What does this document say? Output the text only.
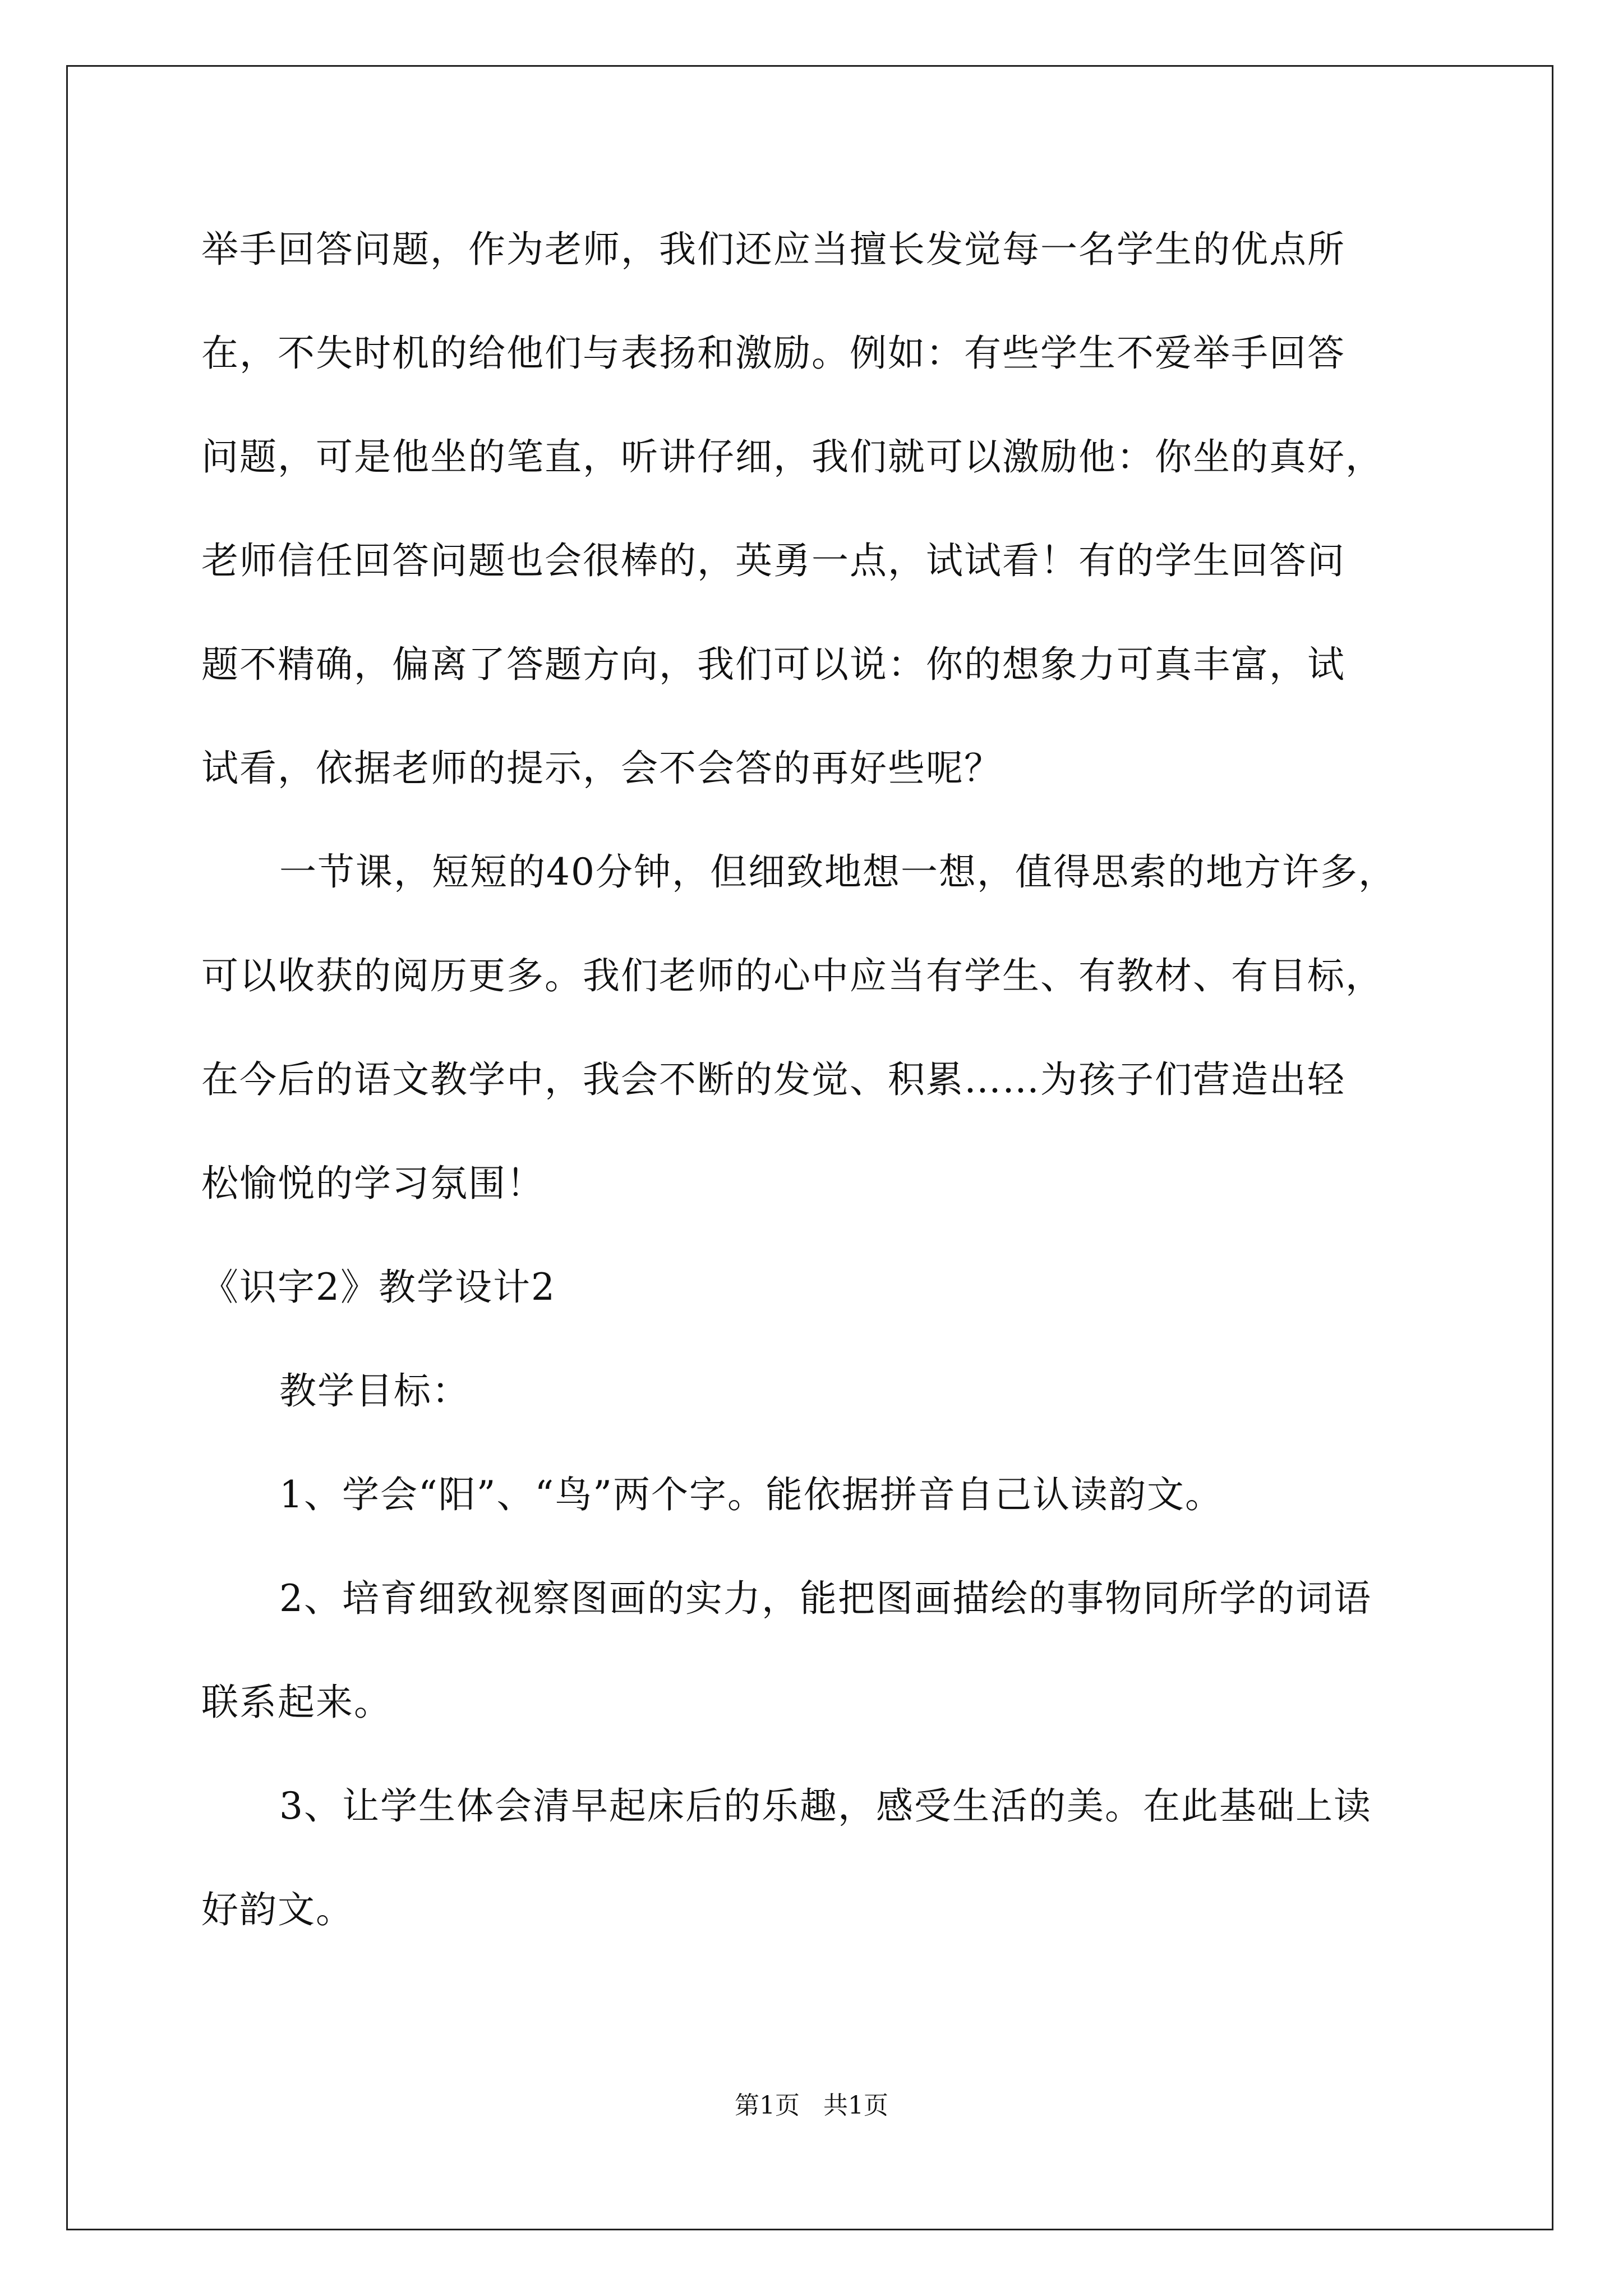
举手回答问题，作为老师，我们还应当擅长发觉每一名学生的优点所
在，不失时机的给他们与表扬和激励。例如：有些学生不爱举手回答
问题，可是他坐的笔直，听讲仔细，我们就可以激励他：你坐的真好，
老师信任回答问题也会很棒的，英勇一点，试试看！有的学生回答问
题不精确，偏离了答题方向，我们可以说：你的想象力可真丰富，试
试看，依据老师的提示，会不会答的再好些呢？
一节课，短短的40分钟，但细致地想一想，值得思索的地方许多，
可以收获的阅历更多。我们老师的心中应当有学生、有教材、有目标，
在今后的语文教学中，我会不断的发觉、积累……为孩子们营造出轻
松愉悦的学习氛围！
《识字2》教学设计2
教学目标：
1、学会“阳”、“鸟”两个字。能依据拼音自己认读韵文。
2、培育细致视察图画的实力，能把图画描绘的事物同所学的词语
联系起来。
3、让学生体会清早起床后的乐趣，感受生活的美。在此基础上读
好韵文。
第1页   共1页
